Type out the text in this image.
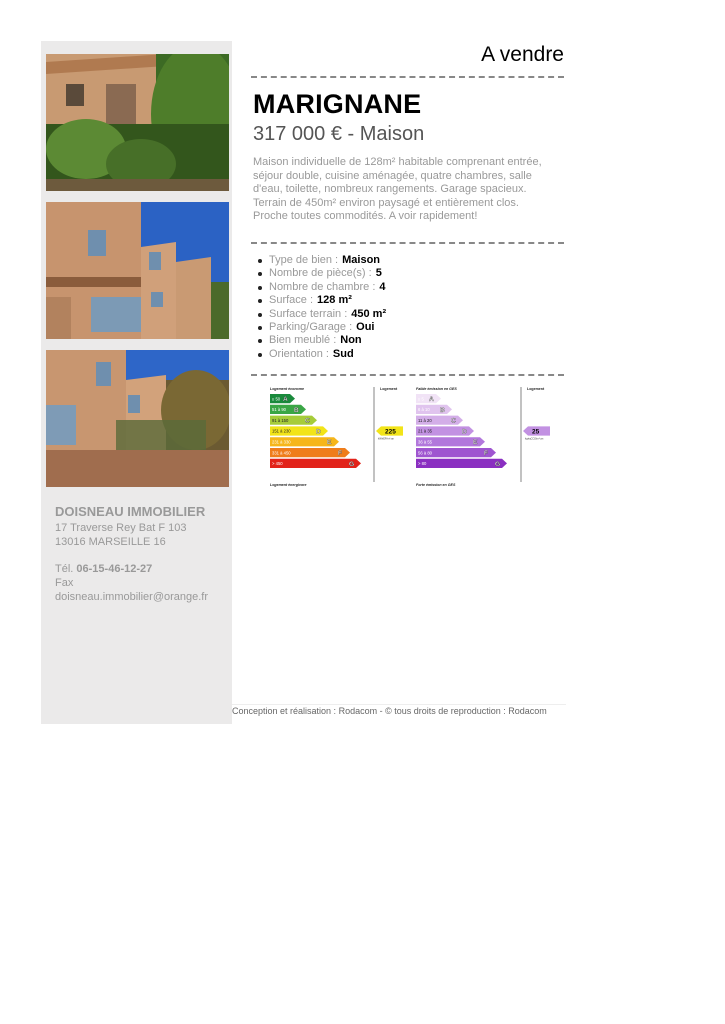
DOISNEAU IMMOBILIER
17 Traverse Rey Bat F 103
13016 MARSEILLE 16
Tél. 06-15-46-12-27
Fax
doisneau.immobilier@orange.fr
A vendre
MARIGNANE
317 000 € - Maison
Maison individuelle de 128m² habitable comprenant entrée, séjour double, cuisine aménagée, quatre chambres, salle d'eau, toilette, nombreux rangements. Garage spacieux. Terrain de 450m² environ paysagé et entièrement clos. Proche toutes commodités. A voir rapidement!
Type de bien : Maison
Nombre de pièce(s) : 5
Nombre de chambre : 4
Surface : 128 m²
Surface terrain : 450 m²
Parking/Garage : Oui
Bien meublé : Non
Orientation : Sud
Logement économe	Logement
≤ 50 A
51 à 90 B
91 à 150	C
151 à 230	D
231 à 330	E
331 à 450	F
> 450	G
225
kWhEP/m².an
Logement énergivore
Faible émission en GES	Logement
≤ 5 A
6 à 10 B
11 à 20	C
21 à 35	D
36 à 55	E
56 à 80	F
> 80	G
25
kgéqCO2/m².an
Forte émission en GES
Conception et réalisation : Rodacom - © tous droits de reproduction : Rodacom
